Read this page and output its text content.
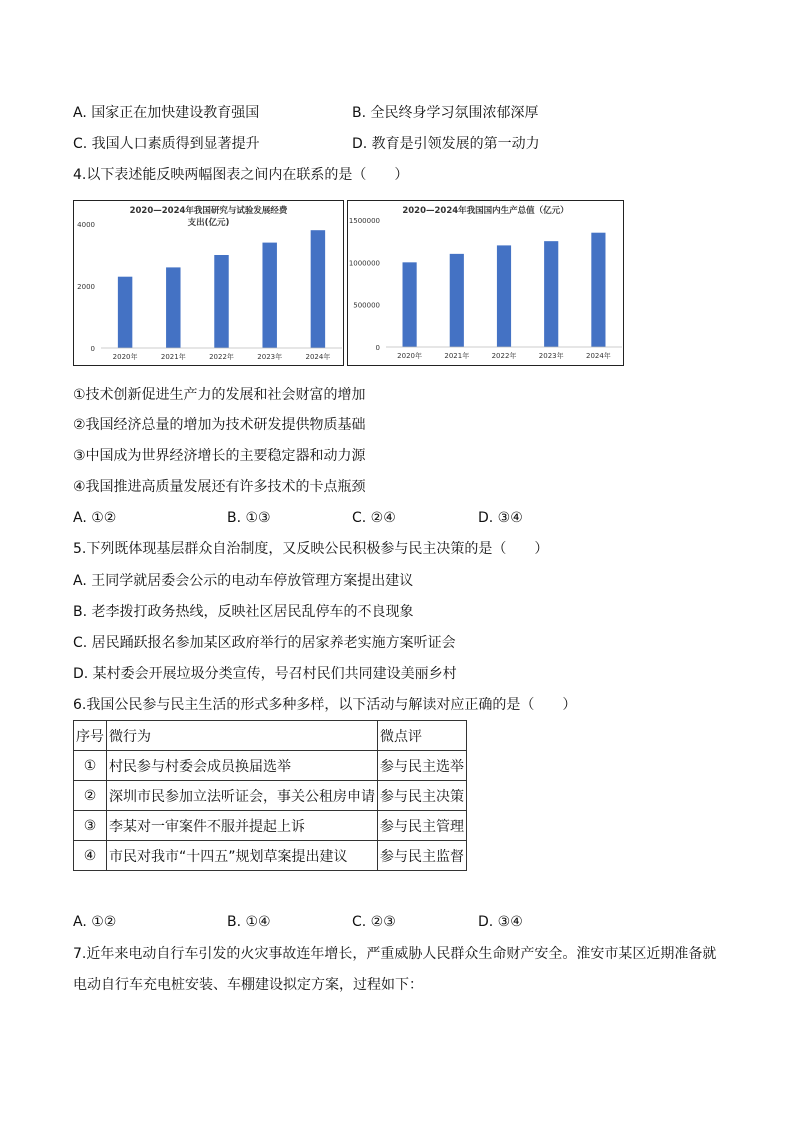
A. 国家正在加快建设教育强国	B. 全民终身学习氛围浓郁深厚
C. 我国人口素质得到显著提升	D. 教育是引领发展的第一动力
4.以下表述能反映两幅图表之间内在联系的是（　　）
2020—2024年我国研究与试验发展经费
支出(亿元)
0
2000
4000
2020年	2021年	2022年	2023年	2024年
2020—2024年我国国内生产总值（亿元）
0
500000
1000000
1500000
2020年	2021年	2022年	2023年	2024年
①技术创新促进生产力的发展和社会财富的增加
②我国经济总量的增加为技术研发提供物质基础
③中国成为世界经济增长的主要稳定器和动力源
④我国推进高质量发展还有许多技术的卡点瓶颈
A. ①②	B. ①③	C. ②④	D. ③④
5.下列既体现基层群众自治制度，又反映公民积极参与民主决策的是（　　）
A. 王同学就居委会公示的电动车停放管理方案提出建议
B. 老李拨打政务热线，反映社区居民乱停车的不良现象
C. 居民踊跃报名参加某区政府举行的居家养老实施方案听证会
D. 某村委会开展垃圾分类宣传，号召村民们共同建设美丽乡村
6.我国公民参与民主生活的形式多种多样，以下活动与解读对应正确的是（　　）
序号	微行为	微点评
①	村民参与村委会成员换届选举	参与民主选举
②	深圳市民参加立法听证会，事关公租房申请	参与民主决策
③	李某对一审案件不服并提起上诉	参与民主管理
④	市民对我市“十四五”规划草案提出建议	参与民主监督
A. ①②	B. ①④	C. ②③	D. ③④
7.近年来电动自行车引发的火灾事故连年增长，严重威胁人民群众生命财产安全。淮安市某区近期准备就
电动自行车充电桩安装、车棚建设拟定方案，过程如下：
